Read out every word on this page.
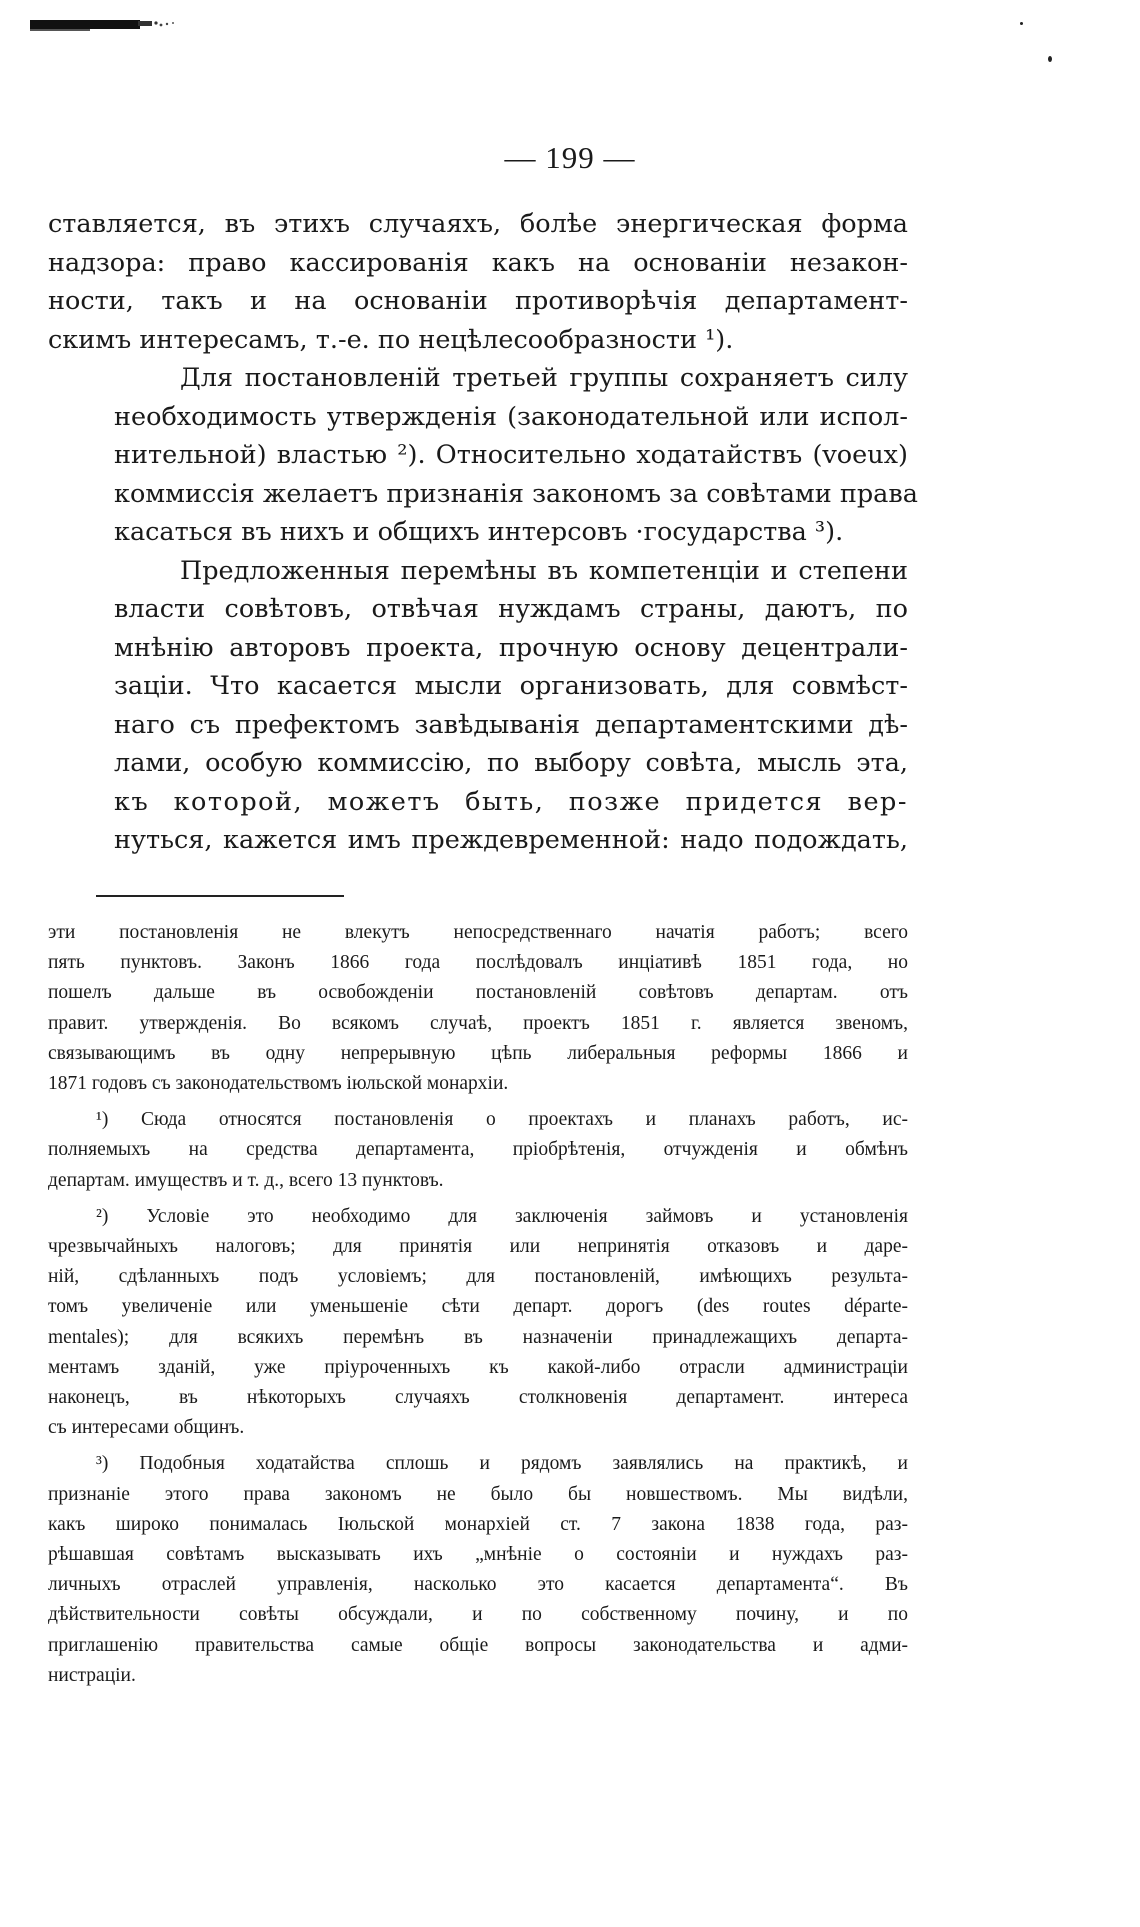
— 199 —

ставляется, въ этихъ случаяхъ, болѣе энергическая форма
надзора: право кассированія какъ на основаніи незакон-
ности, такъ и на основаніи противорѣчія департамент-
скимъ интересамъ, т.-е. по нецѣлесообразности ¹).

Для постановленій третьей группы сохраняетъ силу
необходимость утвержденія (законодательной или испол-
нительной) властью ²). Относительно ходатайствъ (voeux)
коммиссія желаетъ признанія закономъ за совѣтами права
касаться въ нихъ и общихъ интерсовъ ·государства ³).

Предложенныя перемѣны въ компетенціи и степени
власти совѣтовъ, отвѣчая нуждамъ страны, даютъ, по
мнѣнію авторовъ проекта, прочную основу децентрали-
заціи. Что касается мысли организовать, для совмѣст-
наго съ префектомъ завѣдыванія департаментскими дѣ-
лами, особую коммиссію, по выбору совѣта, мысль эта,
къ которой, можетъ быть, позже придется вер-
нуться, кажется имъ преждевременной: надо подождать,

эти постановленія не влекутъ непосредственнаго начатія работъ; всего
пять пунктовъ. Законъ 1866 года послѣдовалъ инціативѣ 1851 года, но
пошелъ дальше въ освобожденіи постановленій совѣтовъ департам. отъ
правит. утвержденія. Во всякомъ случаѣ, проектъ 1851 г. является звеномъ,
связывающимъ въ одну непрерывную цѣпь либеральныя реформы 1866 и
1871 годовъ съ законодательствомъ іюльской монархіи.

¹) Сюда относятся постановленія о проектахъ и планахъ работъ, ис-
полняемыхъ на средства департамента, пріобрѣтенія, отчужденія и обмѣнъ
департам. имуществъ и т. д., всего 13 пунктовъ.

²) Условіе это необходимо для заключенія займовъ и установленія
чрезвычайныхъ налоговъ; для принятія или непринятія отказовъ и даре-
ній, сдѣланныхъ подъ условіемъ; для постановленій, имѣющихъ результа-
томъ увеличеніе или уменьшеніе сѣти департ. дорогъ (des routes départe-
mentales); для всякихъ перемѣнъ въ назначеніи принадлежащихъ департа-
ментамъ зданій, уже пріуроченныхъ къ какой-либо отрасли администраціи
наконецъ, въ нѣкоторыхъ случаяхъ столкновенія департамент. интереса
съ интересами общинъ.

³) Подобныя ходатайства сплошь и рядомъ заявлялись на практикѣ, и
признаніе этого права закономъ не было бы новшествомъ. Мы видѣли,
какъ широко понималась Іюльской монархіей ст. 7 закона 1838 года, раз-
рѣшавшая совѣтамъ высказывать ихъ „мнѣніе о состояніи и нуждахъ раз-
личныхъ отраслей управленія, насколько это касается департамента“. Въ
дѣйствительности совѣты обсуждали, и по собственному почину, и по
приглашенію правительства самые общіе вопросы законодательства и адми-
нистраціи.
